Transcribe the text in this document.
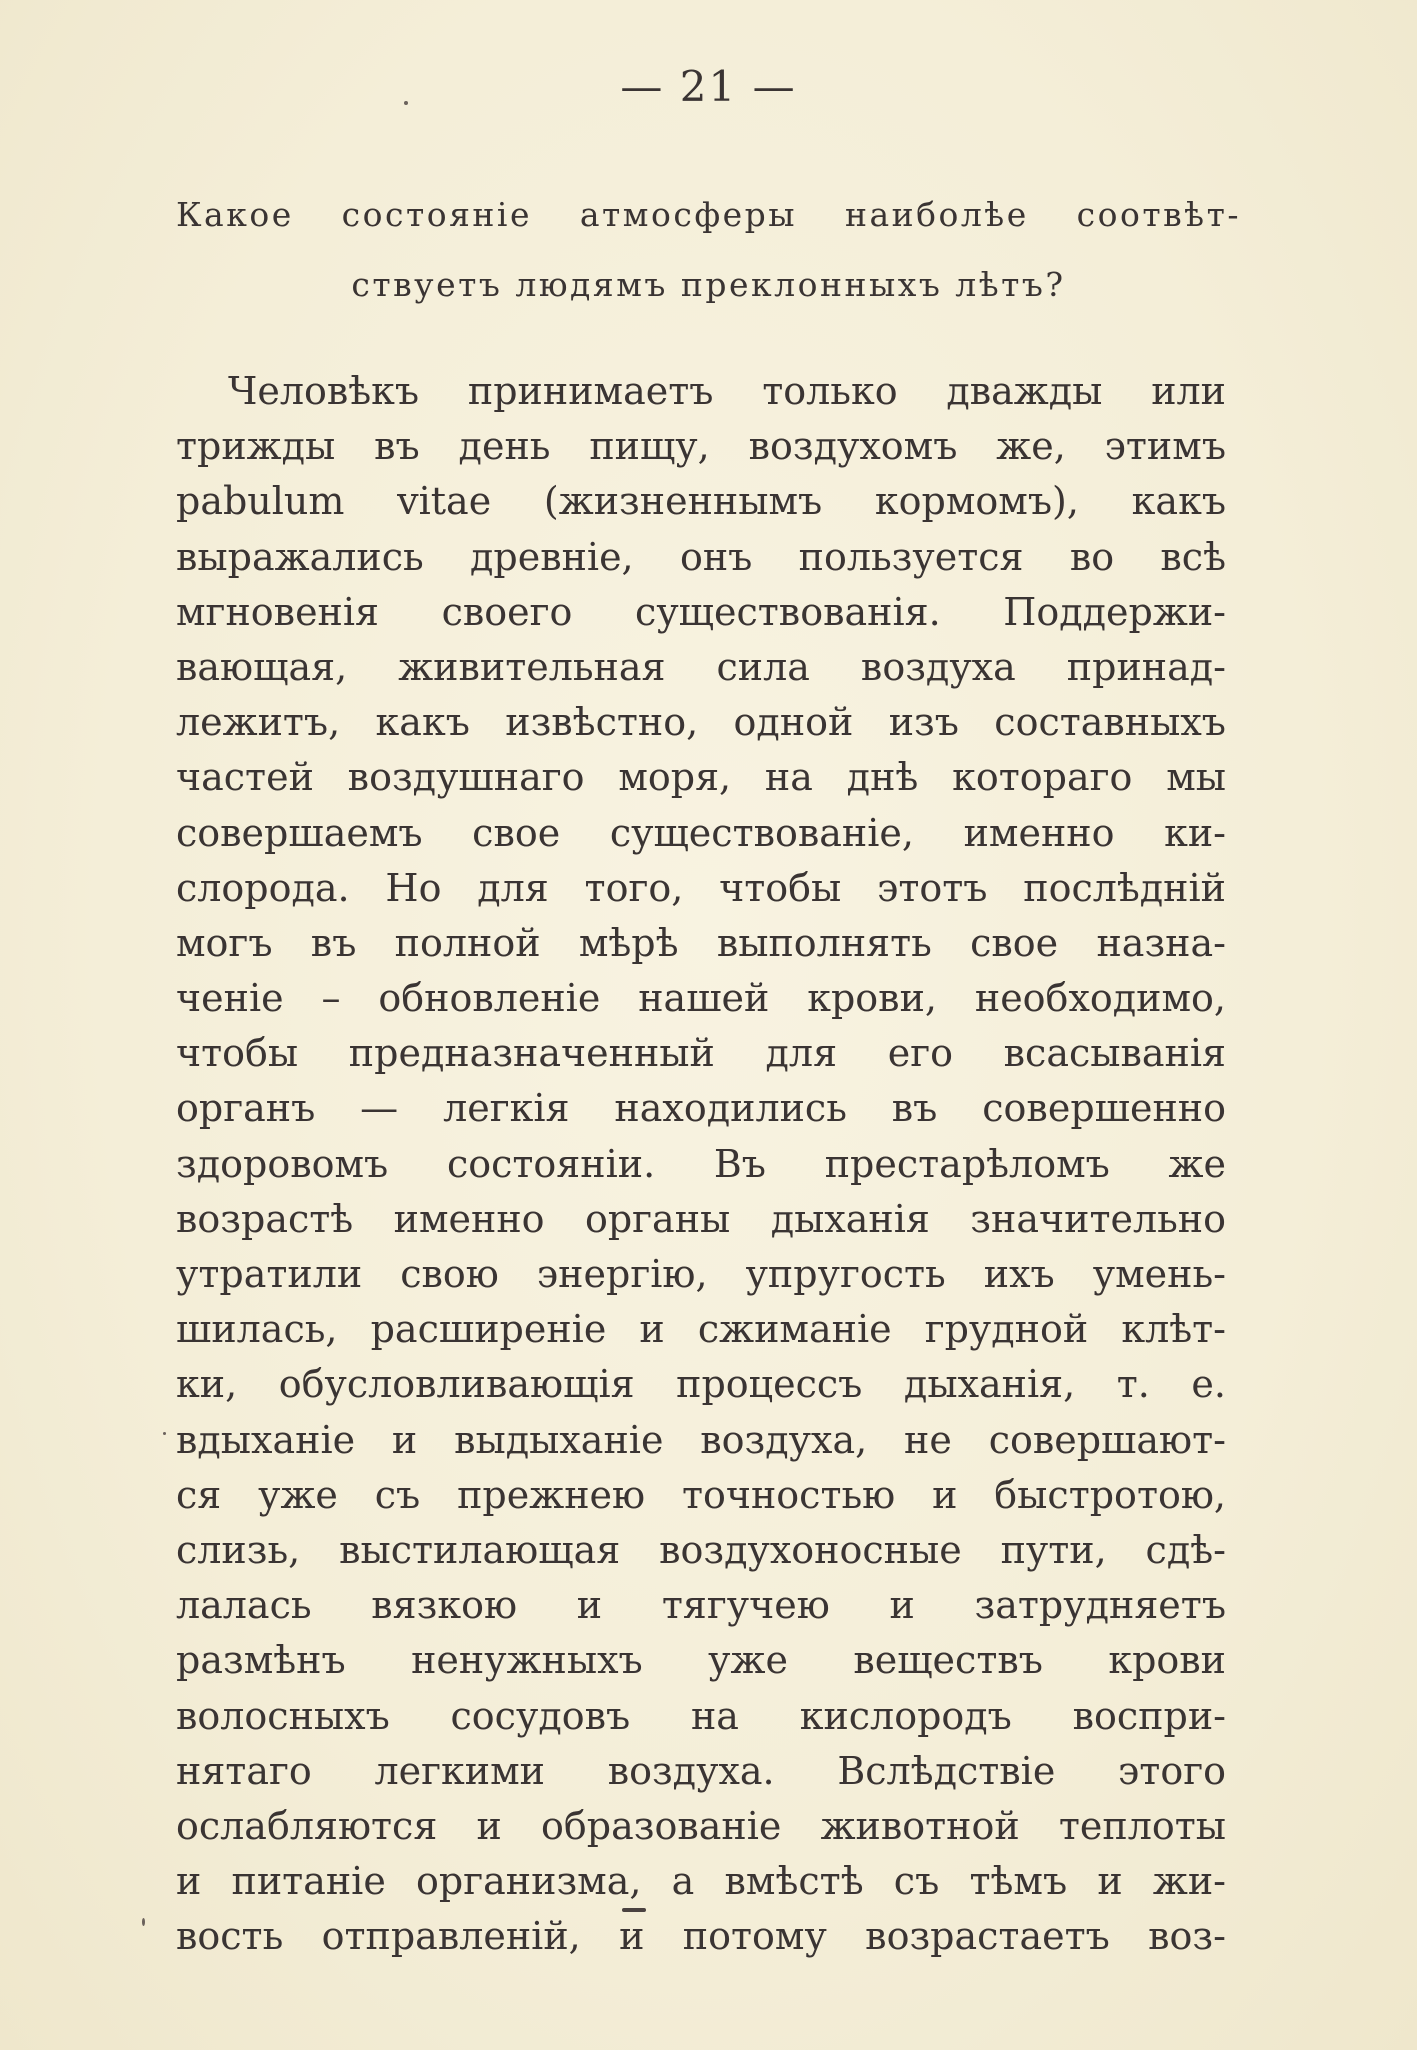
— 21 —
Какое состояніе атмосферы наиболѣе соотвѣт-
ствуетъ людямъ преклонныхъ лѣтъ?
Человѣкъ принимаетъ только дважды или
трижды въ день пищу, воздухомъ же, этимъ
pabulum vitae (жизненнымъ кормомъ), какъ
выражались древніе, онъ пользуется во всѣ
мгновенія своего существованія. Поддержи-
вающая, живительная сила воздуха принад-
лежитъ, какъ извѣстно, одной изъ составныхъ
частей воздушнаго моря, на днѣ котораго мы
совершаемъ свое существованіе, именно ки-
слорода. Но для того, чтобы этотъ послѣдній
могъ въ полной мѣрѣ выполнять свое назна-
ченіе – обновленіе нашей крови, необходимо,
чтобы предназначенный для его всасыванія
органъ — легкія находились въ совершенно
здоровомъ состояніи. Въ престарѣломъ же
возрастѣ именно органы дыханія значительно
утратили свою энергію, упругость ихъ умень-
шилась, расширеніе и сжиманіе грудной клѣт-
ки, обусловливающія процессъ дыханія, т. е.
вдыханіе и выдыханіе воздуха, не совершают-
ся уже съ прежнею точностью и быстротою,
слизь, выстилающая воздухоносные пути, сдѣ-
лалась вязкою и тягучею и затрудняетъ
размѣнъ ненужныхъ уже веществъ крови
волосныхъ сосудовъ на кислородъ воспри-
нятаго легкими воздуха. Вслѣдствіе этого
ослабляются и образованіе животной теплоты
и питаніе организма, а вмѣстѣ съ тѣмъ и жи-
вость отправленій, и потому возрастаетъ воз-
